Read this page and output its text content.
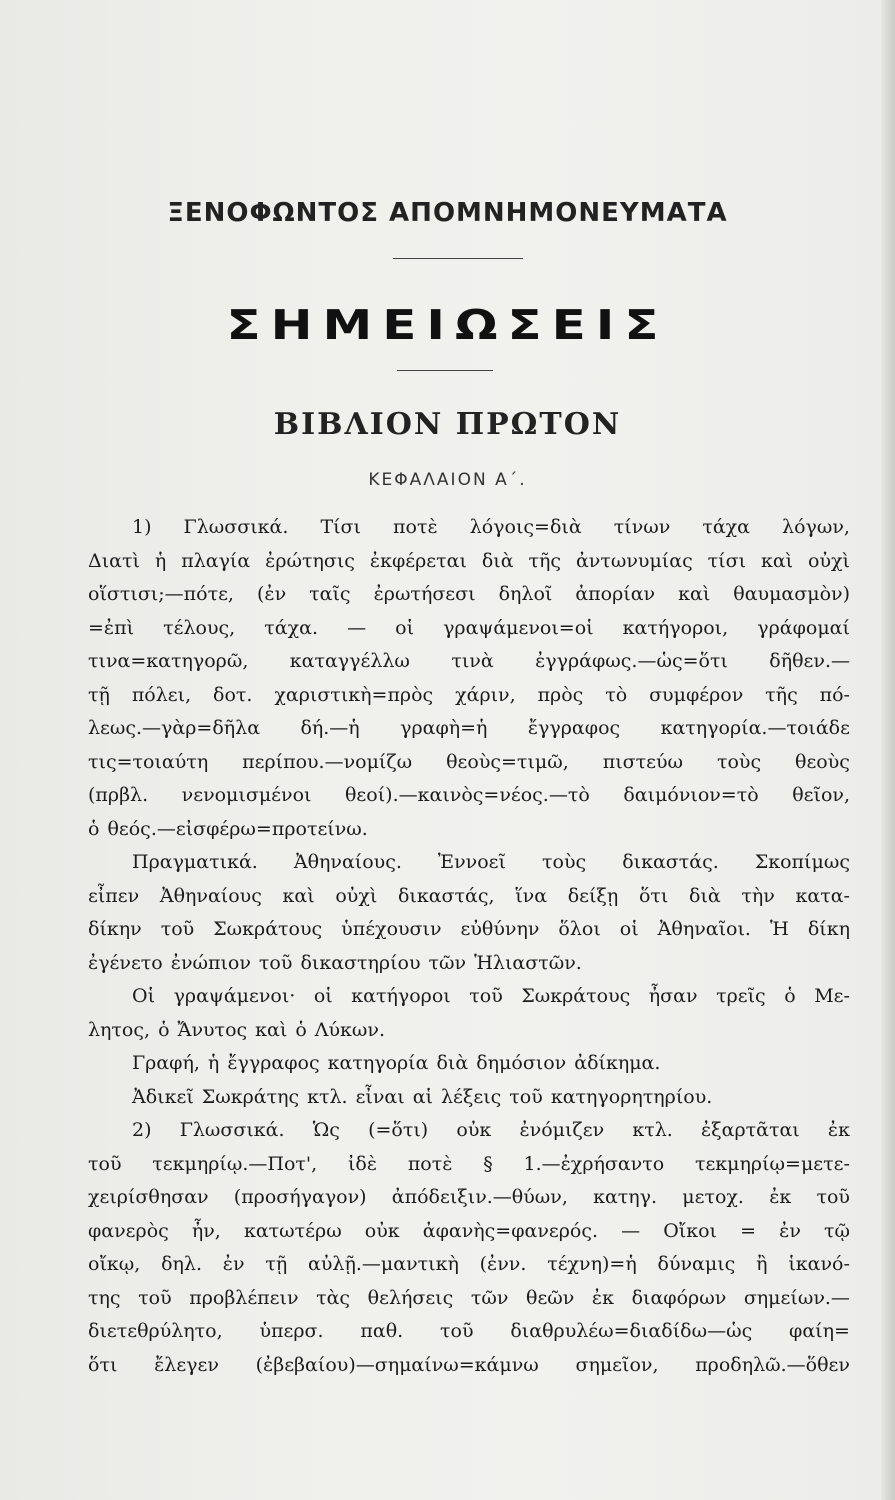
ΞΕΝΟΦΩΝΤΟΣ ΑΠΟΜΝΗΜΟΝΕΥΜΑΤΑ
ΣΗΜΕΙΩΣΕΙΣ
ΒΙΒΛΙΟΝ ΠΡΩΤΟΝ
ΚΕΦΑΛΑΙΟΝ Α΄.
1) Γλωσσικά. Τίσι ποτὲ λόγοις=διὰ τίνων τάχα λόγων,
Διατὶ ἡ πλαγία ἐρώτησις ἐκφέρεται διὰ τῆς ἀντωνυμίας τίσι καὶ οὐχὶ
οἵστισι;—πότε, (ἐν ταῖς ἐρωτήσεσι δηλοῖ ἀπορίαν καὶ θαυμασμὸν)
=ἐπὶ τέλους, τάχα. — οἱ γραψάμενοι=οἱ κατήγοροι, γράφομαί
τινα=κατηγορῶ, καταγγέλλω τινὰ ἐγγράφως.—ὡς=ὅτι δῆθεν.—
τῇ πόλει, δοτ. χαριστικὴ=πρὸς χάριν, πρὸς τὸ συμφέρον τῆς πό-
λεως.—γὰρ=δῆλα δή.—ἡ γραφὴ=ἡ ἔγγραφος κατηγορία.—τοιάδε
τις=τοιαύτη περίπου.—νομίζω θεοὺς=τιμῶ, πιστεύω τοὺς θεοὺς
(πρβλ. νενομισμένοι θεοί).—καινὸς=νέος.—τὸ δαιμόνιον=τὸ θεῖον,
ὁ θεός.—εἰσφέρω=προτείνω.
Πραγματικά. Ἀθηναίους. Ἐννοεῖ τοὺς δικαστάς. Σκοπίμως
εἶπεν Ἀθηναίους καὶ οὐχὶ δικαστάς, ἵνα δείξῃ ὅτι διὰ τὴν κατα-
δίκην τοῦ Σωκράτους ὑπέχουσιν εὐθύνην ὅλοι οἱ Ἀθηναῖοι. Ἡ δίκη
ἐγένετο ἐνώπιον τοῦ δικαστηρίου τῶν Ἡλιαστῶν.
Οἱ γραψάμενοι· οἱ κατήγοροι τοῦ Σωκράτους ἦσαν τρεῖς ὁ Με-
λητος, ὁ Ἄνυτος καὶ ὁ Λύκων.
Γραφή, ἡ ἔγγραφος κατηγορία διὰ δημόσιον ἀδίκημα.
Ἀδικεῖ Σωκράτης κτλ. εἶναι αἱ λέξεις τοῦ κατηγορητηρίου.
2) Γλωσσικά. Ὡς (=ὅτι) οὐκ ἐνόμιζεν κτλ. ἐξαρτᾶται ἐκ
τοῦ τεκμηρίῳ.—Ποτ', ἰδὲ ποτὲ § 1.—ἐχρήσαντο τεκμηρίῳ=μετε-
χειρίσθησαν (προσήγαγον) ἀπόδειξιν.—θύων, κατηγ. μετοχ. ἐκ τοῦ
φανερὸς ἦν, κατωτέρω οὐκ ἀφανὴς=φανερός. — Οἴκοι = ἐν τῷ
οἴκῳ, δηλ. ἐν τῇ αὐλῇ.—μαντικὴ (ἐνν. τέχνη)=ἡ δύναμις ἢ ἱκανό-
της τοῦ προβλέπειν τὰς θελήσεις τῶν θεῶν ἐκ διαφόρων σημείων.—
διετεθρύλητο, ὑπερσ. παθ. τοῦ διαθρυλέω=διαδίδω—ὡς φαίη=
ὅτι ἔλεγεν (ἐβεβαίου)—σημαίνω=κάμνω σημεῖον, προδηλῶ.—ὅθεν
